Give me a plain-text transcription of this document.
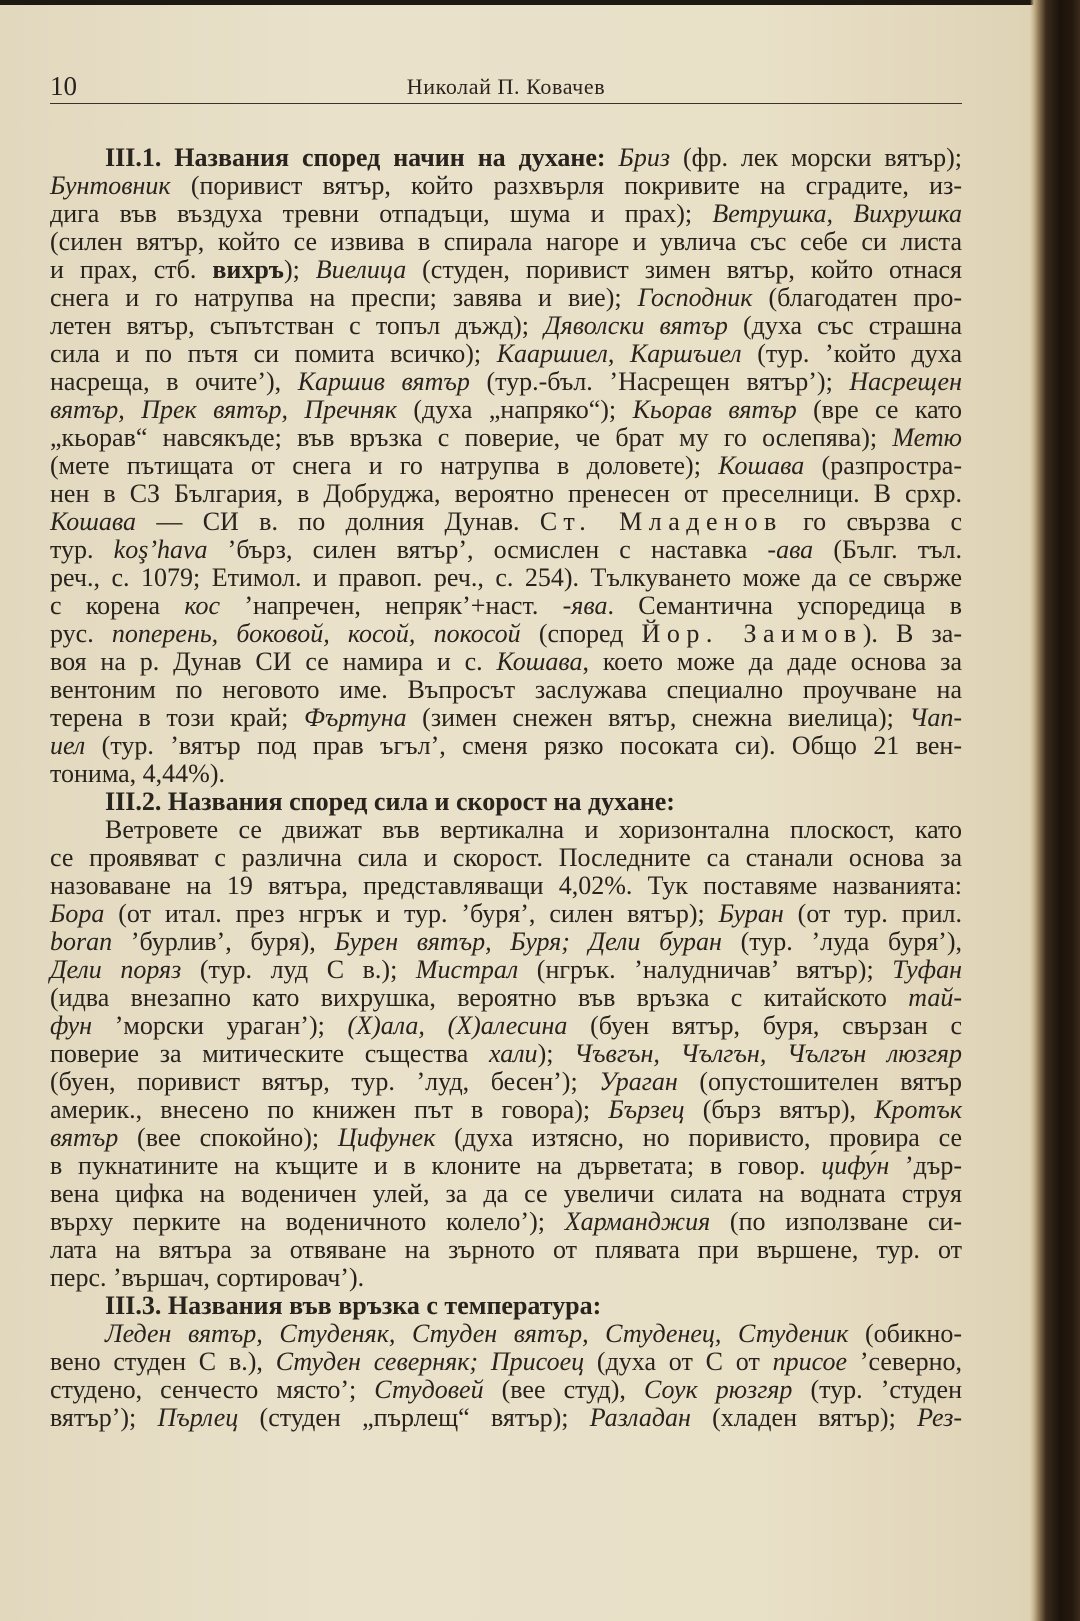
10	Николай П. Ковачев
III.1. Названия според начин на духане: Бриз (фр. лек морски вятър);
Бунтовник (поривист вятър, който разхвърля покривите на сградите, из-
дига във въздуха тревни отпадъци, шума и прах); Ветрушка, Вихрушка
(силен вятър, който се извива в спирала нагоре и увлича със себе си листа
и прах, стб. вихръ); Виелица (студен, поривист зимен вятър, който отнася
снега и го натрупва на преспи; завява и вие); Господник (благодатен про-
летен вятър, съпътстван с топъл дъжд); Дяволски вятър (духа със страшна
сила и по пътя си помита всичко); Кааршиел, Каршъиел (тур. ’който духа
насреща, в очите’), Каршив вятър (тур.-бъл. ’Насрещен вятър’); Насрещен
вятър, Прек вятър, Пречняк (духа „напряко“); Кьорав вятър (вре се като
„кьорав“ навсякъде; във връзка с поверие, че брат му го ослепява); Метю
(мете пътищата от снега и го натрупва в доловете); Кошава (разпростра-
нен в СЗ България, в Добруджа, вероятно пренесен от преселници. В срхр.
Кошава — СИ в. по долния Дунав. Ст. Младенов го свързва с
тур. koş’hava ’бърз, силен вятър’, осмислен с наставка -ава (Бълг. тъл.
реч., с. 1079; Етимол. и правоп. реч., с. 254). Тълкуването може да се свърже
с корена кос ’напречен, непряк’+наст. -ява. Семантична успоредица в
рус. поперень, боковой, косой, покосой (според Йор. Заимов). В за-
воя на р. Дунав СИ се намира и с. Кошава, което може да даде основа за
вентоним по неговото име. Въпросът заслужава специално проучване на
терена в този край; Фъртуна (зимен снежен вятър, снежна виелица); Чап-
иел (тур. ’вятър под прав ъгъл’, сменя рязко посоката си). Общо 21 вен-
тонима, 4,44%).
III.2. Названия според сила и скорост на духане:
Ветровете се движат във вертикална и хоризонтална плоскост, като
се проявяват с различна сила и скорост. Последните са станали основа за
назоваване на 19 вятъра, представляващи 4,02%. Тук поставяме названията:
Бора (от итал. през нгрък и тур. ’буря’, силен вятър); Буран (от тур. прил.
boran ’бурлив’, буря), Бурен вятър, Буря; Дели буран (тур. ’луда буря’),
Дели поряз (тур. луд С в.); Мистрал (нгрък. ’налудничав’ вятър); Туфан
(идва внезапно като вихрушка, вероятно във връзка с китайското тай-
фун ’морски ураган’); (Х)ала, (Х)алесина (буен вятър, буря, свързан с
поверие за митическите същества хали); Чъвгън, Чългън, Чългън люзгяр
(буен, поривист вятър, тур. ’луд, бесен’); Ураган (опустошителен вятър
америк., внесено по книжен път в говора); Бързец (бърз вятър), Кротък
вятър (вее спокойно); Цифунек (духа изтясно, но поривисто, провира се
в пукнатините на къщите и в клоните на дърветата; в говор. цифу́н ’дър-
вена цифка на воденичен улей, за да се увеличи силата на водната струя
върху перките на воденичното колело’); Харманджия (по използване си-
лата на вятъра за отвяване на зърното от плявата при вършене, тур. от
перс. ’вършач, сортировач’).
III.3. Названия във връзка с температура:
Леден вятър, Студеняк, Студен вятър, Студенец, Студеник (обикно-
вено студен С в.), Студен северняк; Присоец (духа от С от присое ’северно,
студено, сенчесто място’; Студовей (вее студ), Соук рюзгяр (тур. ’студен
вятър’); Пърлец (студен „пърлещ“ вятър); Разладан (хладен вятър); Рез-
